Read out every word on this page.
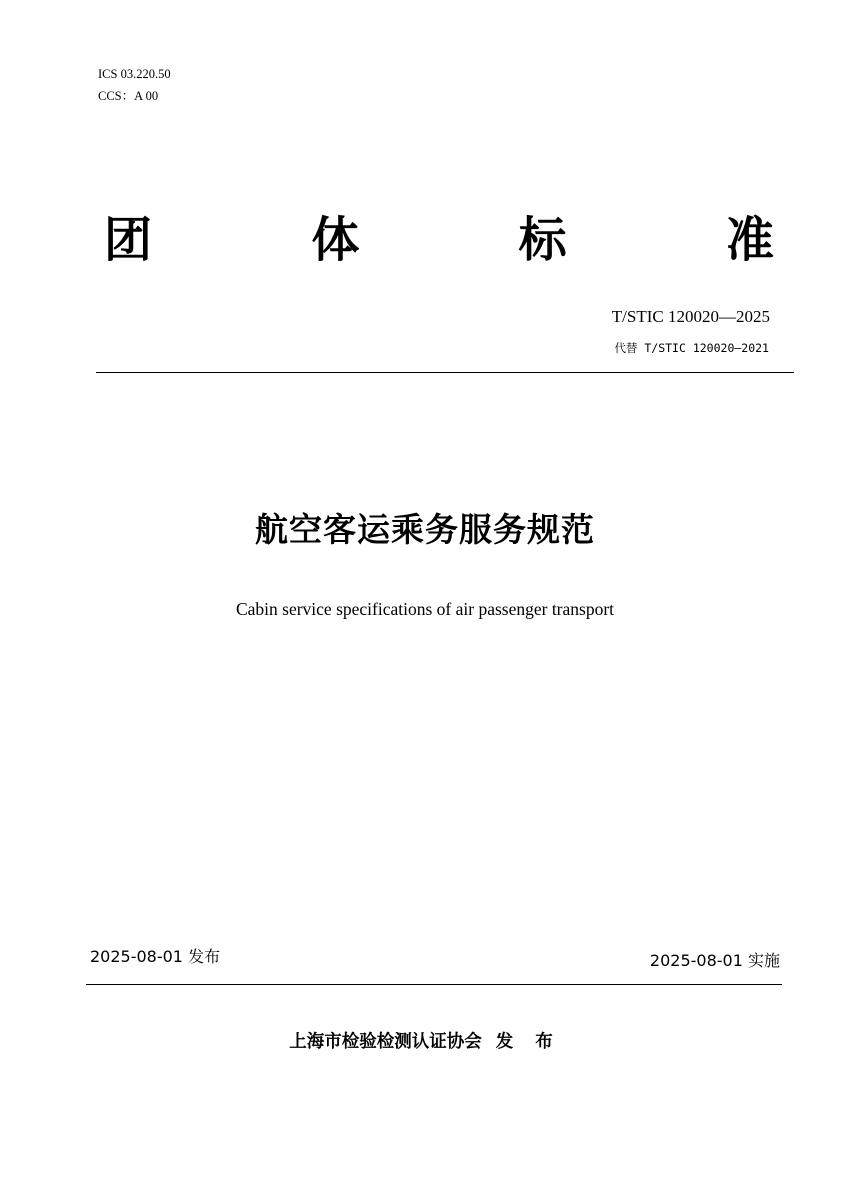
ICS 03.220.50
CCS：A 00
团	体	标	准
T/STIC 120020—2025
代替 T/STIC 120020—2021
航空客运乘务服务规范
Cabin service specifications of air passenger transport
2025-08-01 发布	2025-08-01 实施
上海市检验检测认证协会 发 布
